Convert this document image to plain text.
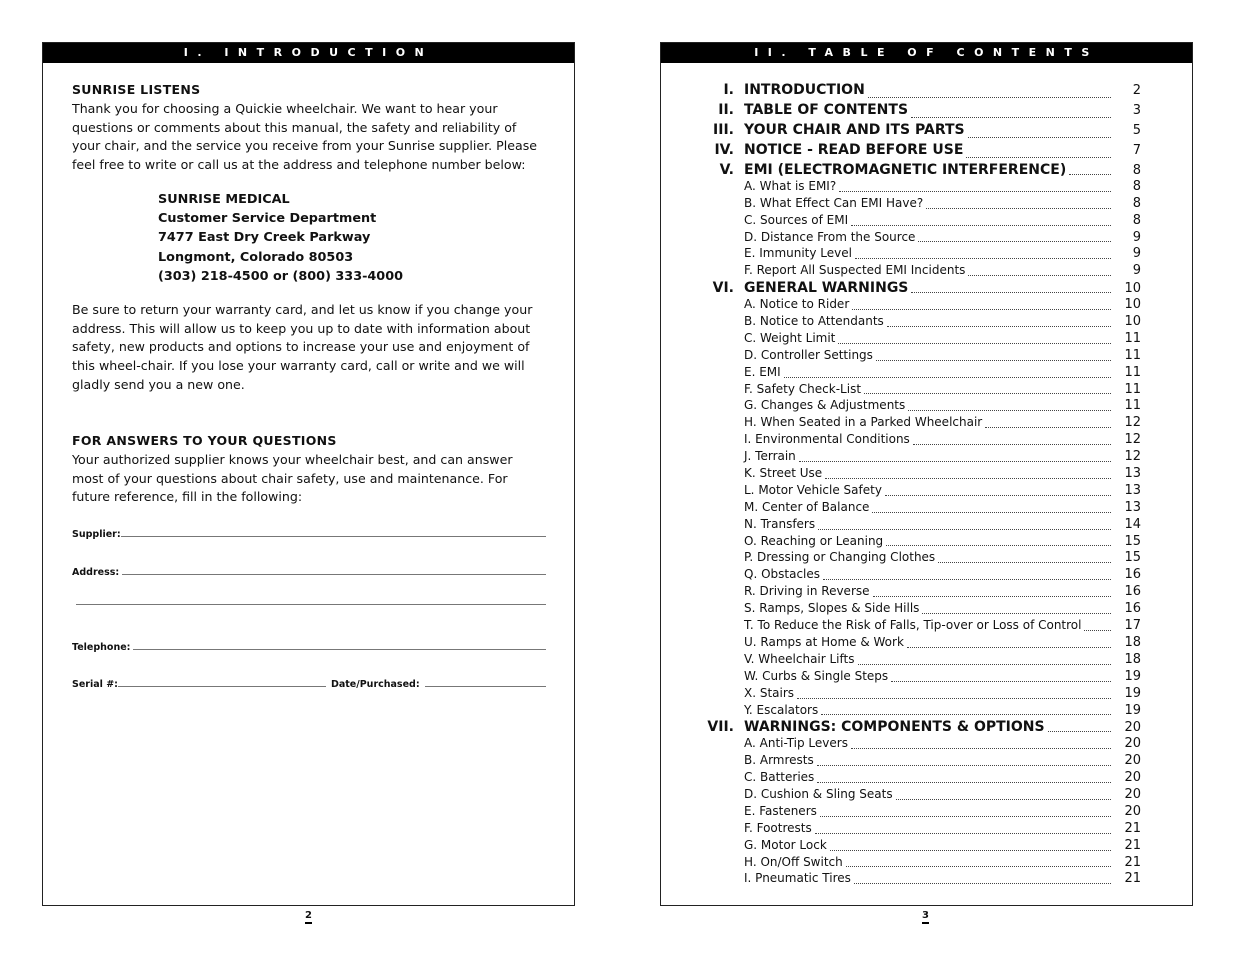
I. INTRODUCTION
SUNRISE LISTENS
Thank you for choosing a Quickie wheelchair. We want to hear your questions or comments about this manual, the safety and reliability of your chair, and the service you receive from your Sunrise supplier. Please feel free to write or call us at the address and telephone number below:
SUNRISE MEDICAL
Customer Service Department
7477 East Dry Creek Parkway
Longmont, Colorado 80503
(303) 218-4500 or (800) 333-4000
Be sure to return your warranty card, and let us know if you change your address. This will allow us to keep you up to date with information about safety, new products and options to increase your use and enjoyment of this wheel-chair. If you lose your warranty card, call or write and we will gladly send you a new one.
FOR ANSWERS TO YOUR QUESTIONS
Your authorized supplier knows your wheelchair best, and can answer most of your questions about chair safety, use and maintenance. For future reference, fill in the following:
Supplier:
Address:
Telephone:
Serial #:	Date/Purchased:
2
II. TABLE OF CONTENTS
I. INTRODUCTION	2
II. TABLE OF CONTENTS	3
III. YOUR CHAIR AND ITS PARTS	5
IV. NOTICE - READ BEFORE USE	7
V. EMI (ELECTROMAGNETIC INTERFERENCE)	8
A. What is EMI?	8
B. What Effect Can EMI Have?	8
C. Sources of EMI	8
D. Distance From the Source	9
E. Immunity Level	9
F. Report All Suspected EMI Incidents	9
VI. GENERAL WARNINGS	10
A. Notice to Rider	10
B. Notice to Attendants	10
C. Weight Limit	11
D. Controller Settings	11
E. EMI	11
F. Safety Check-List	11
G. Changes & Adjustments	11
H. When Seated in a Parked Wheelchair	12
I. Environmental Conditions	12
J. Terrain	12
K. Street Use	13
L. Motor Vehicle Safety	13
M. Center of Balance	13
N. Transfers	14
O. Reaching or Leaning	15
P. Dressing or Changing Clothes	15
Q. Obstacles	16
R. Driving in Reverse	16
S. Ramps, Slopes & Side Hills	16
T. To Reduce the Risk of Falls, Tip-over or Loss of Control	17
U. Ramps at Home & Work	18
V. Wheelchair Lifts	18
W. Curbs & Single Steps	19
X. Stairs	19
Y. Escalators	19
VII. WARNINGS: COMPONENTS & OPTIONS	20
A. Anti-Tip Levers	20
B. Armrests	20
C. Batteries	20
D. Cushion & Sling Seats	20
E. Fasteners	20
F. Footrests	21
G. Motor Lock	21
H. On/Off Switch	21
I. Pneumatic Tires	21
3
